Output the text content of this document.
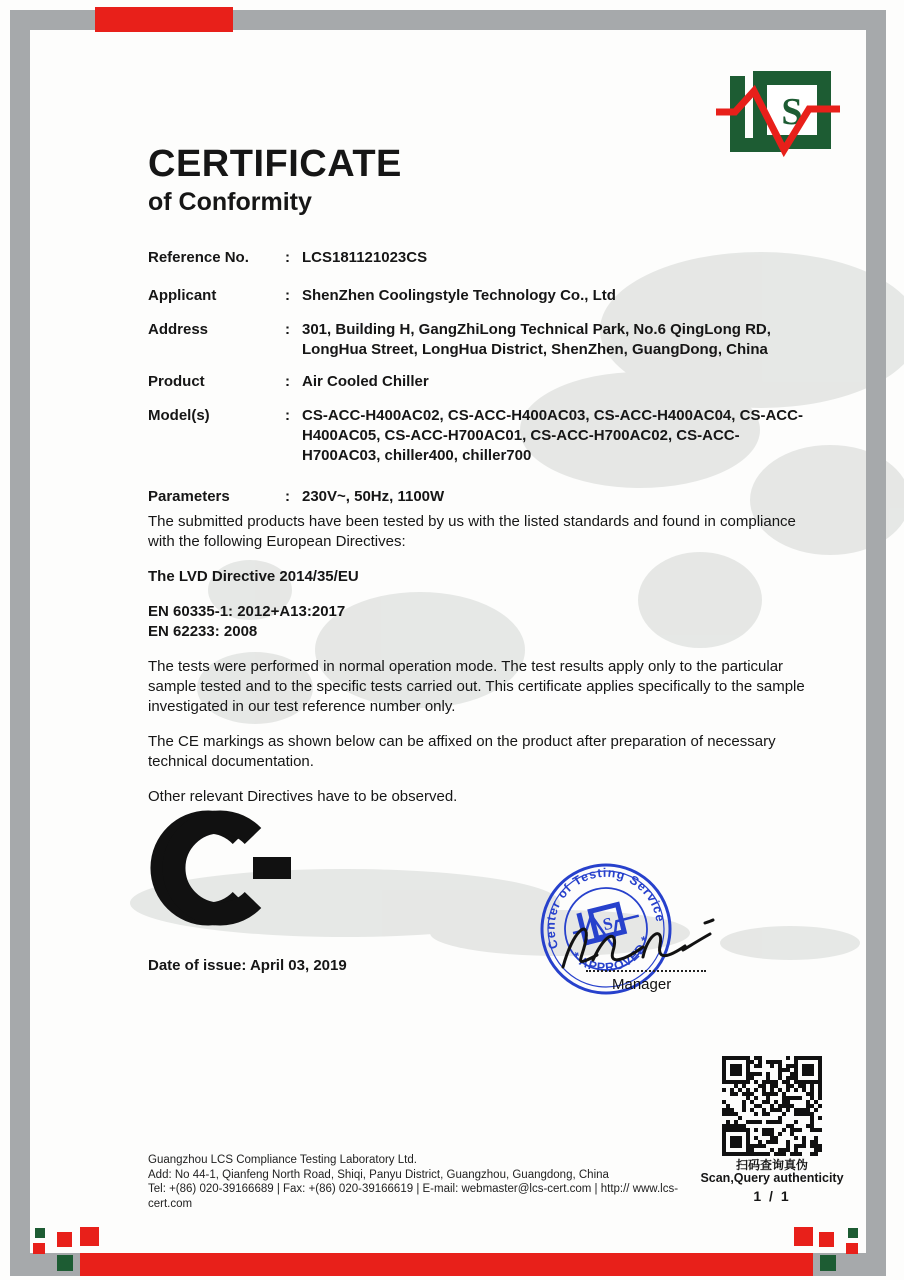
S
CERTIFICATE
of Conformity
Reference No.	: LCS181121023CS
Applicant	: ShenZhen Coolingstyle Technology Co., Ltd
Address	: 301, Building H, GangZhiLong Technical Park, No.6 QingLong RD, LongHua Street, LongHua District, ShenZhen, GuangDong, China
Product	: Air Cooled Chiller
Model(s)	: CS-ACC-H400AC02, CS-ACC-H400AC03, CS-ACC-H400AC04, CS-ACC-H400AC05, CS-ACC-H700AC01, CS-ACC-H700AC02, CS-ACC-H700AC03, chiller400, chiller700
Parameters	: 230V~, 50Hz, 1100W

The submitted products have been tested by us with the listed standards and found in compliance with the following European Directives:

The LVD Directive 2014/35/EU

EN 60335-1: 2012+A13:2017
EN 62233: 2008

The tests were performed in normal operation mode. The test results apply only to the particular sample tested and to the specific tests carried out. This certificate applies specifically to the sample investigated in our test reference number only.

The CE markings as shown below can be affixed on the product after preparation of necessary technical documentation.

Other relevant Directives have to be observed.

Date of issue: April 03, 2019
S
Center of Testing Service
* APPROVED *
Manager
扫码查询真伪
Scan,Query authenticity
1 / 1
Guangzhou LCS Compliance Testing Laboratory Ltd.
Add: No 44-1, Qianfeng North Road, Shiqi, Panyu District, Guangzhou, Guangdong, China
Tel: +(86) 020-39166689 | Fax: +(86) 020-39166619 | E-mail: webmaster@lcs-cert.com | http:// www.lcs-cert.com
